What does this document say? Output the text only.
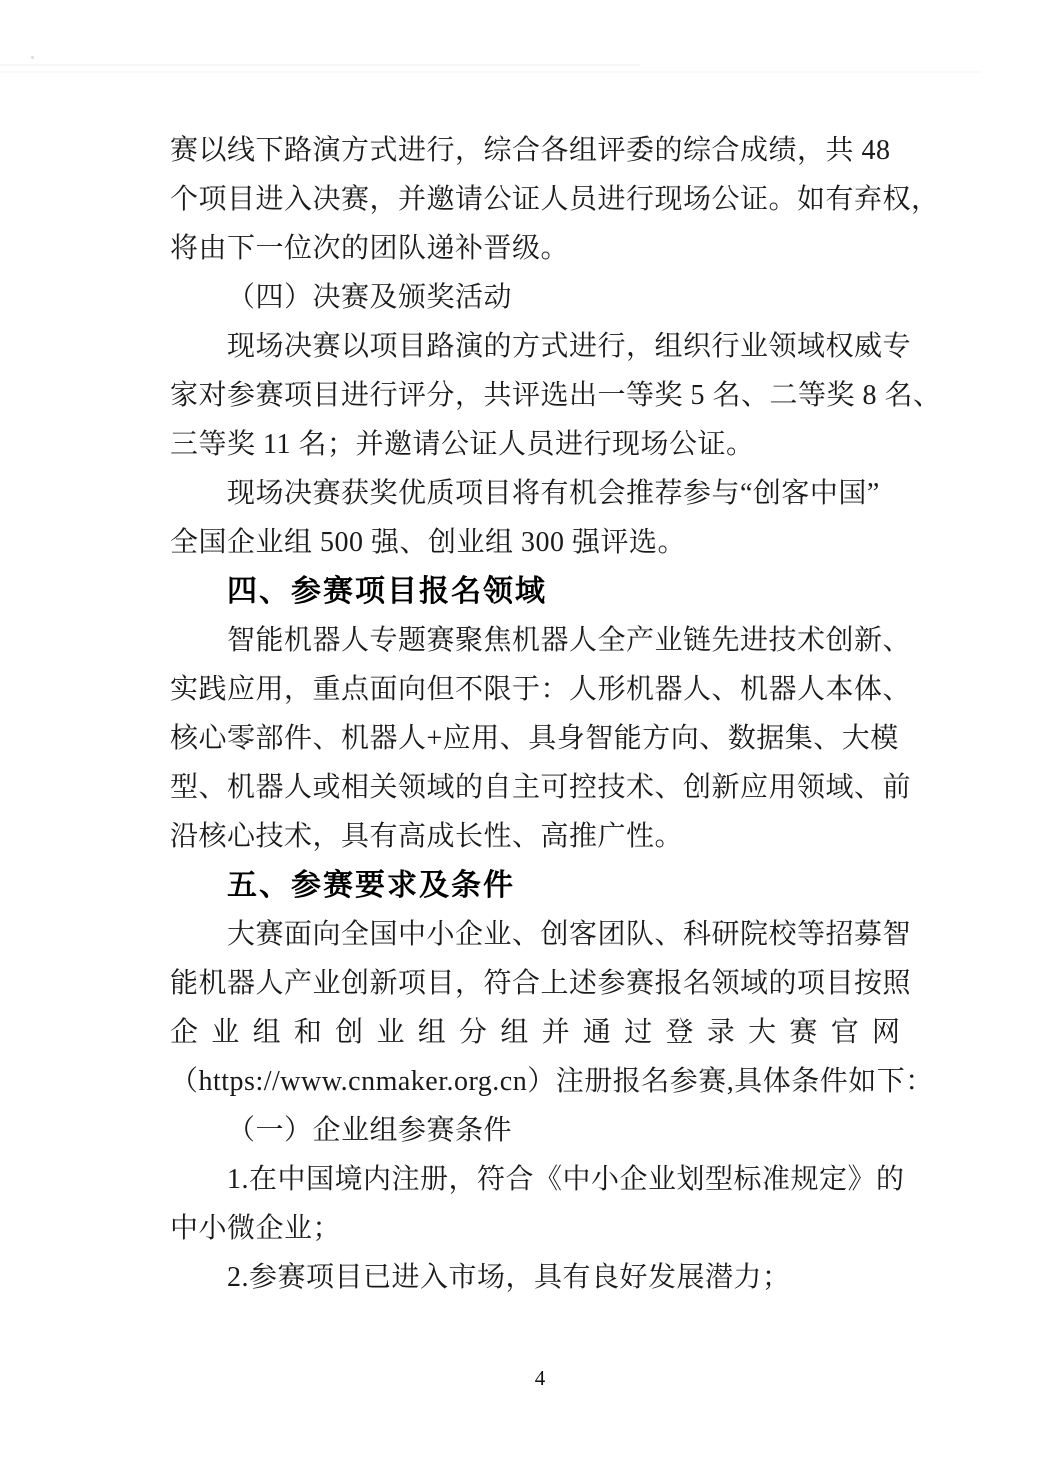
赛以线下路演方式进行，综合各组评委的综合成绩，共 48
个项目进入决赛，并邀请公证人员进行现场公证。如有弃权，
将由下一位次的团队递补晋级。
（四）决赛及颁奖活动
现场决赛以项目路演的方式进行，组织行业领域权威专
家对参赛项目进行评分，共评选出一等奖 5 名、二等奖 8 名、
三等奖 11 名；并邀请公证人员进行现场公证。
现场决赛获奖优质项目将有机会推荐参与“创客中国”
全国企业组 500 强、创业组 300 强评选。
四、参赛项目报名领域
智能机器人专题赛聚焦机器人全产业链先进技术创新、
实践应用，重点面向但不限于：人形机器人、机器人本体、
核心零部件、机器人+应用、具身智能方向、数据集、大模
型、机器人或相关领域的自主可控技术、创新应用领域、前
沿核心技术，具有高成长性、高推广性。
五、参赛要求及条件
大赛面向全国中小企业、创客团队、科研院校等招募智
能机器人产业创新项目，符合上述参赛报名领域的项目按照
企业组和创业组分组并通过登录大赛官网
（https://www.cnmaker.org.cn）注册报名参赛,具体条件如下：
（一）企业组参赛条件
1.在中国境内注册，符合《中小企业划型标准规定》的
中小微企业；
2.参赛项目已进入市场，具有良好发展潜力；
4
